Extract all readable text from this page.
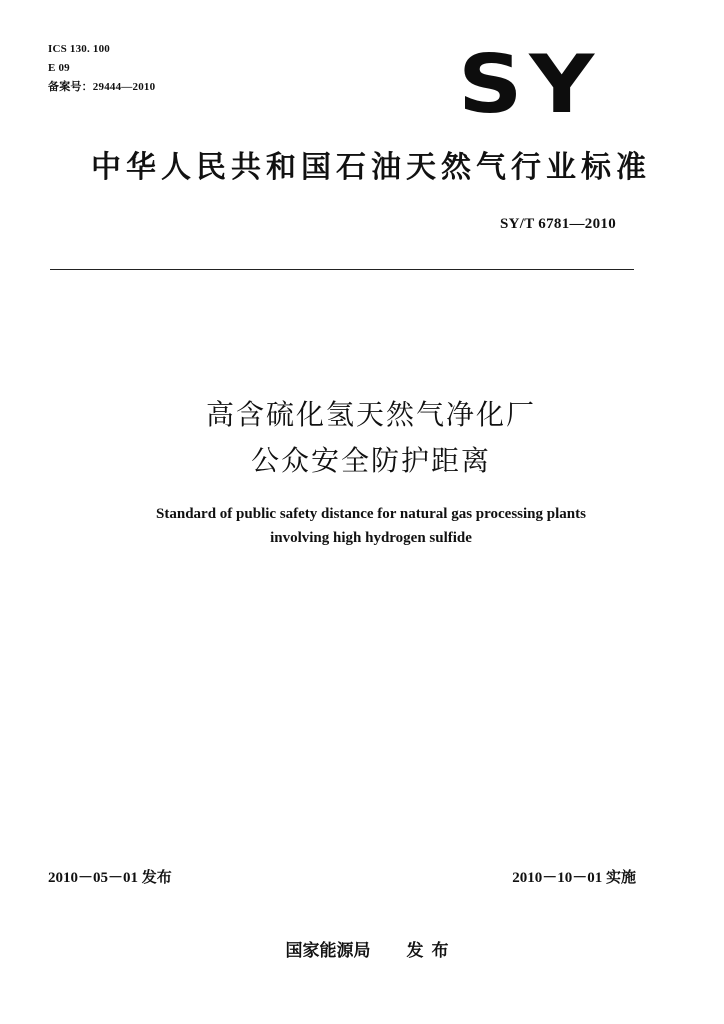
ICS 130. 100
E 09
备案号：29444—2010	SY
中华人民共和国石油天然气行业标准
SY/T 6781—2010
高含硫化氢天然气净化厂
公众安全防护距离
Standard of public safety distance for natural gas processing plants
involving high hydrogen sulfide
2010－05－01 发布	2010－10－01 实施
国家能源局 发布
